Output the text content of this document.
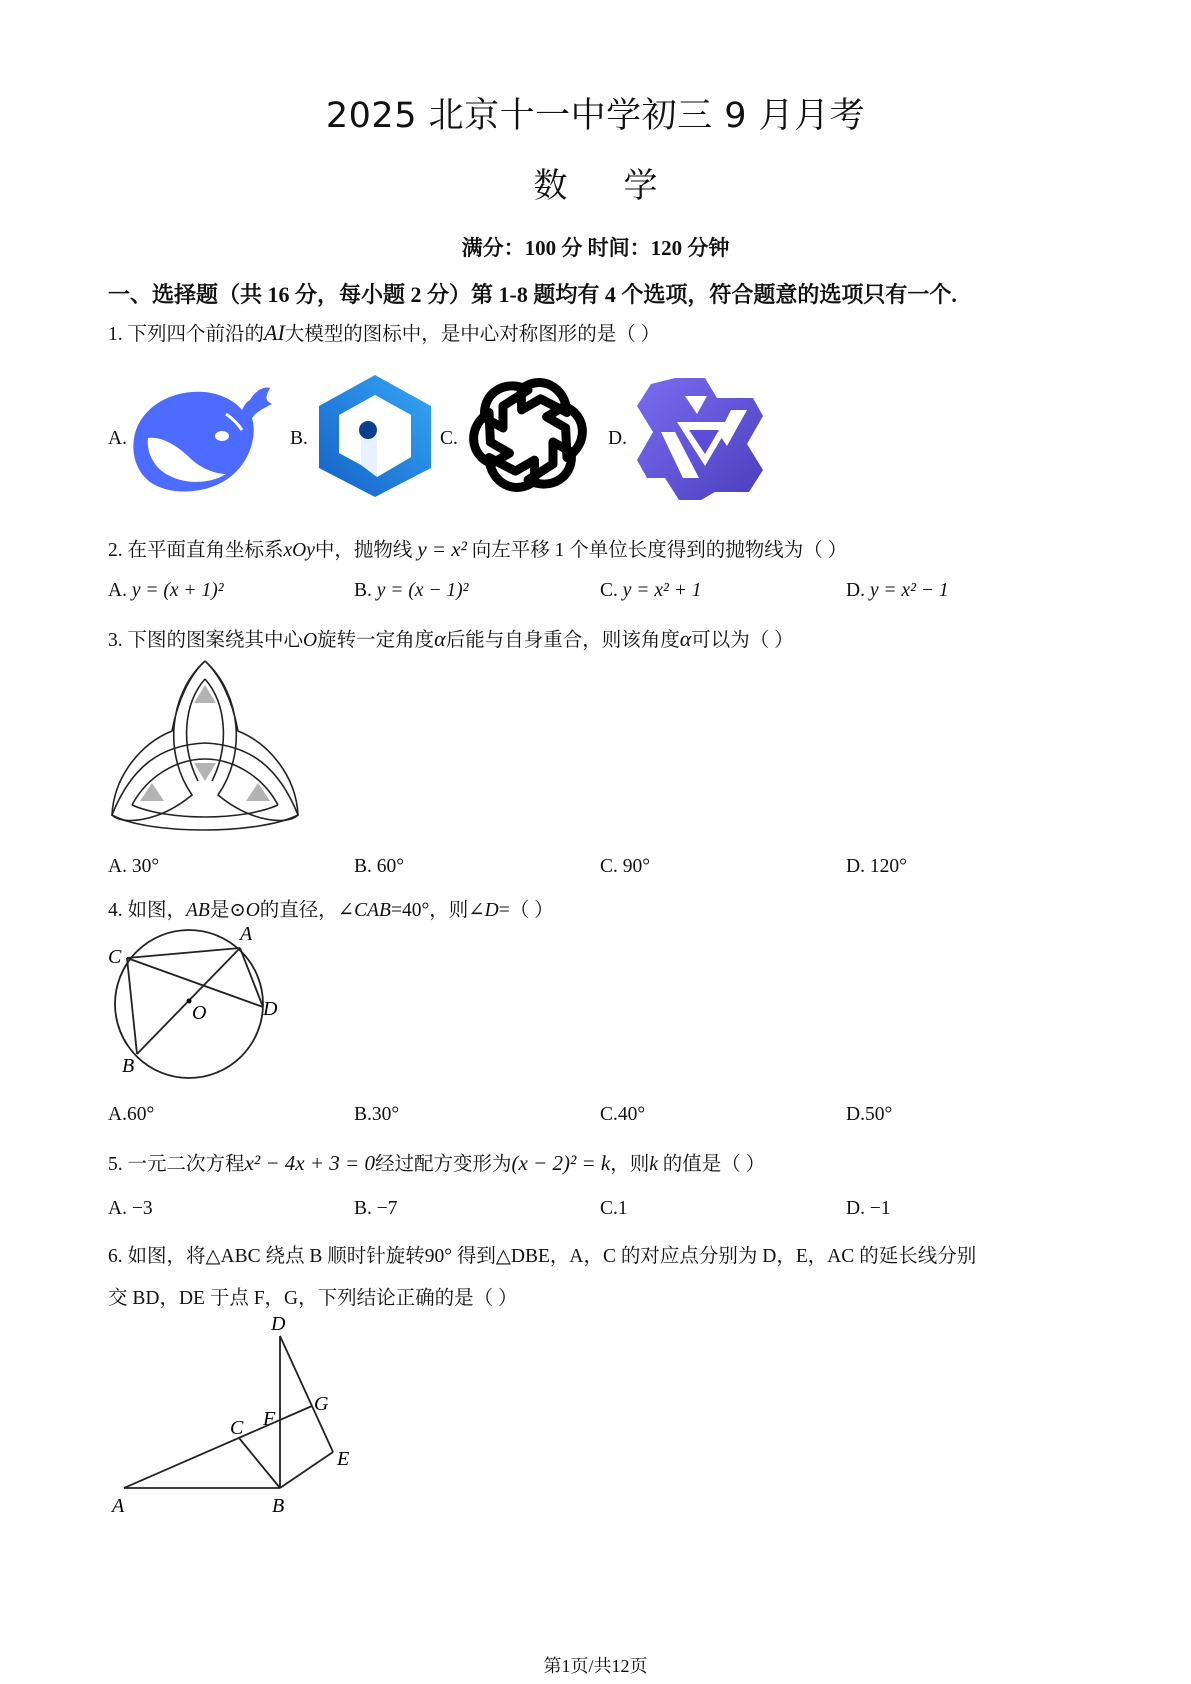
2025 北京十一中学初三 9 月月考
数 学
满分：100 分 时间：120 分钟
一、选择题（共 16 分，每小题 2 分）第 1-8 题均有 4 个选项，符合题意的选项只有一个.
1. 下列四个前沿的AI大模型的图标中，是中心对称图形的是（ ）
A.	B.	C.	D.
2. 在平面直角坐标系xOy中，抛物线 y = x² 向左平移 1 个单位长度得到的抛物线为（ ）
A. y = (x + 1)²	B. y = (x − 1)²	C. y = x² + 1	D. y = x² − 1
3. 下图的图案绕其中心O旋转一定角度α后能与自身重合，则该角度α可以为（ ）
A. 30°	B. 60°	C. 90°	D. 120°
4. 如图，AB是⊙O的直径，∠CAB=40°，则∠D=（ ）
C
A
O	D
B
A.60°	B.30°	C.40°	D.50°
5. 一元二次方程x² − 4x + 3 = 0经过配方变形为(x − 2)² = k，则k 的值是（ ）
A. −3	B. −7	C.1	D. −1
6. 如图，将△ABC 绕点 B 顺时针旋转90° 得到△DBE，A，C 的对应点分别为 D，E，AC 的延长线分别
交 BD，DE 于点 F，G，下列结论正确的是（ ）
D
F
G
C
E
A	B
第1页/共12页
